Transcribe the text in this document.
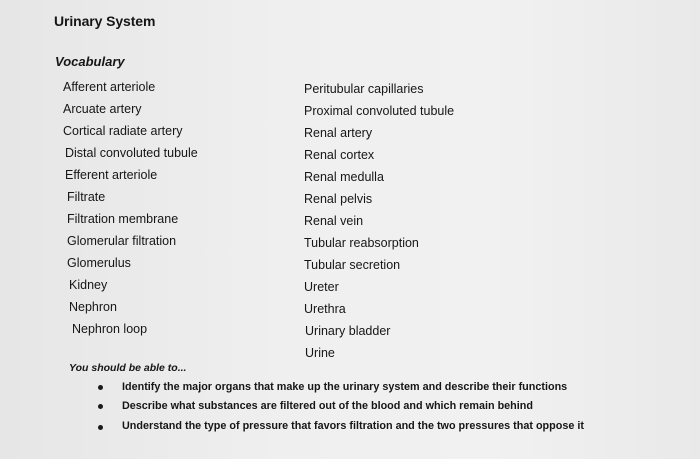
Urinary System
Vocabulary
Afferent arteriole
Arcuate artery
Cortical radiate artery
Distal convoluted tubule
Efferent arteriole
Filtrate
Filtration membrane
Glomerular filtration
Glomerulus
Kidney
Nephron
Nephron loop
Peritubular capillaries
Proximal convoluted tubule
Renal artery
Renal cortex
Renal medulla
Renal pelvis
Renal vein
Tubular reabsorption
Tubular secretion
Ureter
Urethra
Urinary bladder
Urine
You should be able to...
Identify the major organs that make up the urinary system and describe their functions
Describe what substances are filtered out of the blood and which remain behind
Understand the type of pressure that favors filtration and the two pressures that oppose it
